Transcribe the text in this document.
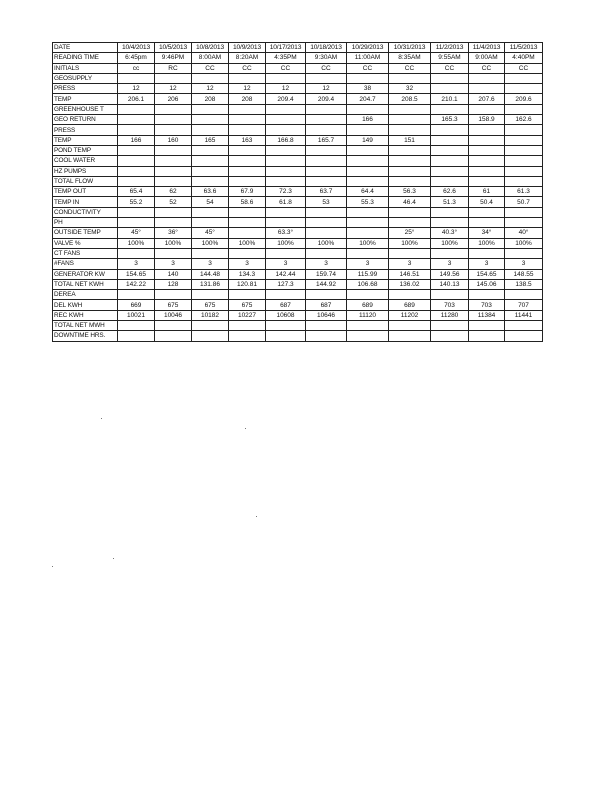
DATE	10/4/2013	10/5/2013	10/8/2013	10/9/2013	10/17/2013	10/18/2013	10/29/2013	10/31/2013	11/2/2013	11/4/2013	11/5/2013
READING TIME	6:45pm	9:46PM	8:00AM	8:20AM	4:35PM	9:30AM	11:00AM	8:35AM	9:55AM	9:00AM	4:40PM
INITIALS	cc	RC	CC	CC	CC	CC	CC	CC	CC	CC	CC
GEOSUPPLY											
PRESS	12	12	12	12	12	12	38	32			
TEMP	206.1	206	208	208	209.4	209.4	204.7	208.5	210.1	207.6	209.6
GREENHOUSE T											
GEO RETURN							166		165.3	158.9	162.6
PRESS											
TEMP	166	160	165	163	166.8	165.7	149	151			
POND TEMP											
COOL WATER											
HZ PUMPS											
TOTAL FLOW											
TEMP OUT	65.4	62	63.6	67.9	72.3	63.7	64.4	56.3	62.6	61	61.3
TEMP IN	55.2	52	54	58.6	61.8	53	55.3	46.4	51.3	50.4	50.7
CONDUCTIVITY											
PH											
OUTSIDE TEMP	45°	36°	45°		63.3°			25°	40.3°	34°	40°
VALVE %	100%	100%	100%	100%	100%	100%	100%	100%	100%	100%	100%
CT FANS											
#FANS	3	3	3	3	3	3	3	3	3	3	3
GENERATOR KW	154.65	140	144.48	134.3	142.44	159.74	115.99	146.51	149.56	154.65	148.55
TOTAL NET KWH	142.22	128	131.86	120.81	127.3	144.92	106.68	136.02	140.13	145.06	138.5
DEREA											
DEL KWH	669	675	675	675	687	687	689	689	703	703	707
REC KWH	10021	10046	10182	10227	10608	10646	11120	11202	11280	11384	11441
TOTAL NET MWH											
DOWNTIME HRS.											
